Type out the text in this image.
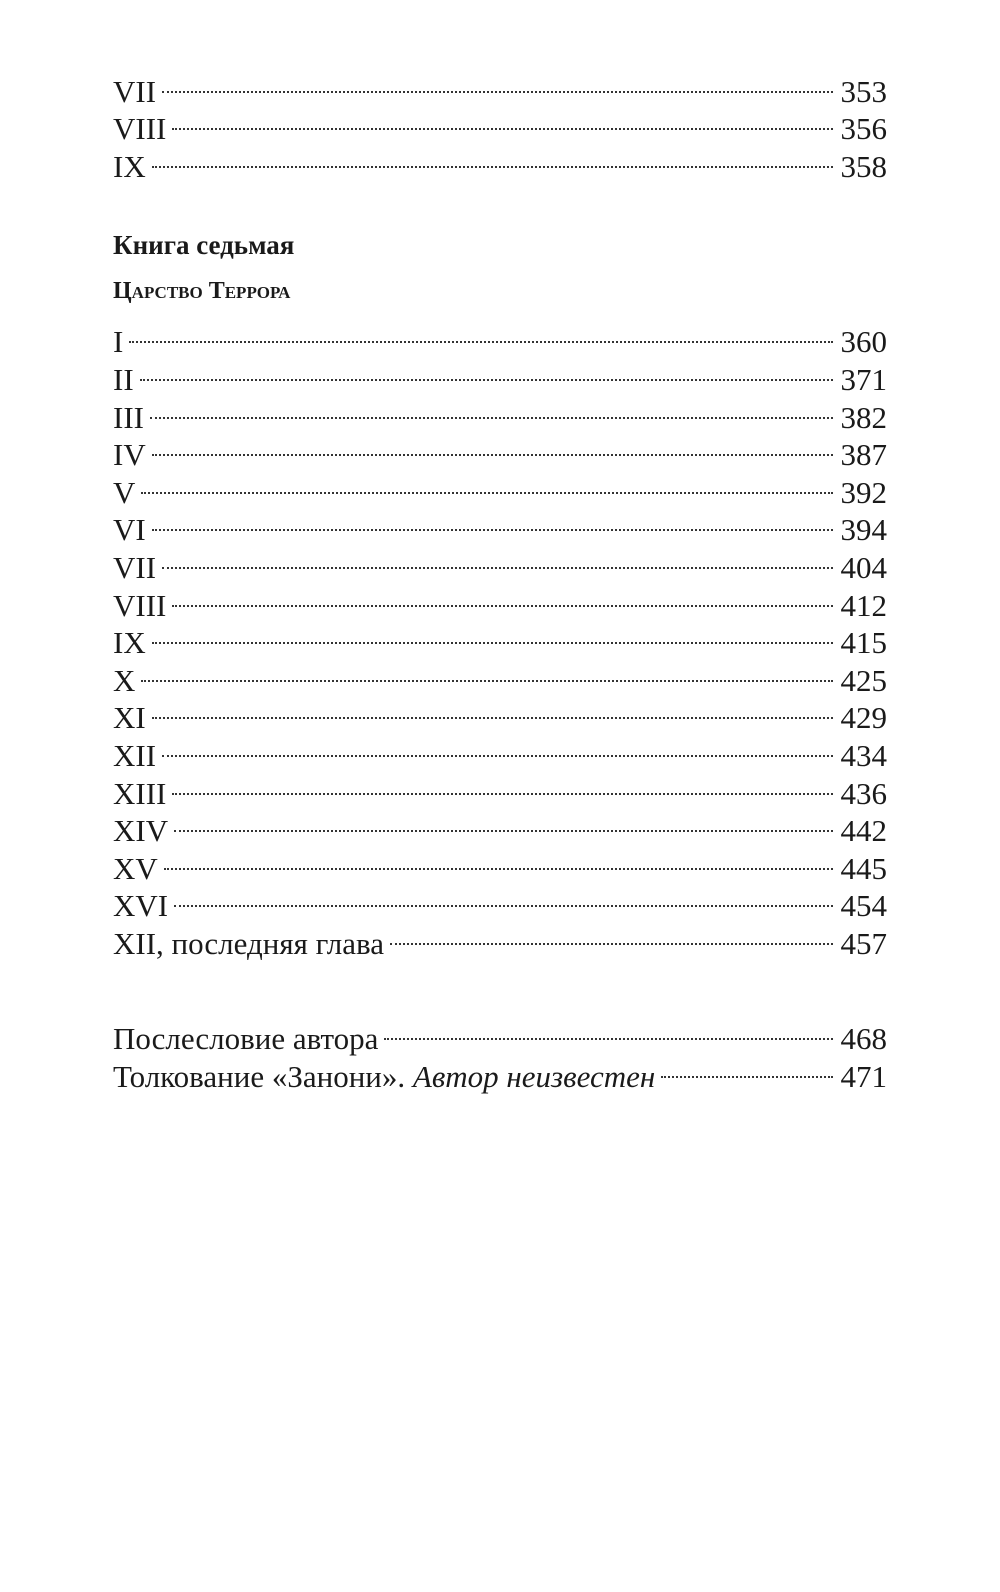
VII	353
VIII	356
IX	358
Книга седьмая
Царство Террора
I	360
II	371
III	382
IV	387
V	392
VI	394
VII	404
VIII	412
IX	415
X	425
XI	429
XII	434
XIII	436
XIV	442
XV	445
XVI	454
XII, последняя глава	457
Послесловие автора	468
Толкование «Занони». Автор неизвестен	471
